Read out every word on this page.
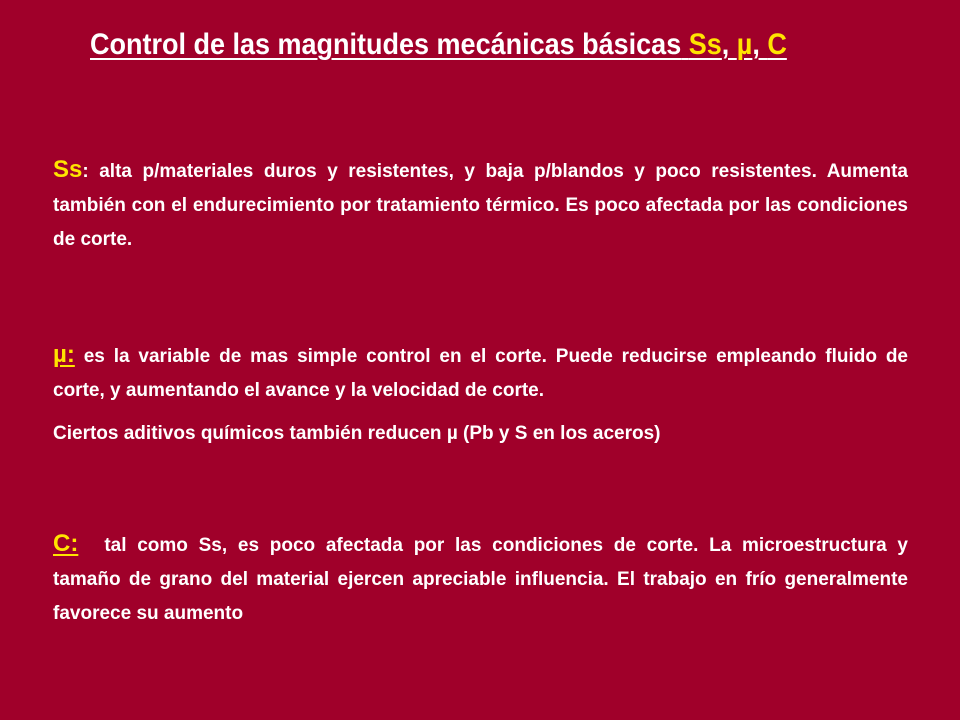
Control de las magnitudes mecánicas básicas Ss, µ, C

Ss: alta p/materiales duros y resistentes, y baja p/blandos y poco resistentes. Aumenta también con el endurecimiento por tratamiento térmico. Es poco afectada por las condiciones de corte.

µ: es la variable de mas simple control en el corte. Puede reducirse empleando fluido de corte, y aumentando el avance y la velocidad de corte.

Ciertos aditivos químicos también reducen µ (Pb y S en los aceros)

C: tal como Ss, es poco afectada por las condiciones de corte. La microestructura y tamaño de grano del material ejercen apreciable influencia. El trabajo en frío generalmente favorece su aumento
